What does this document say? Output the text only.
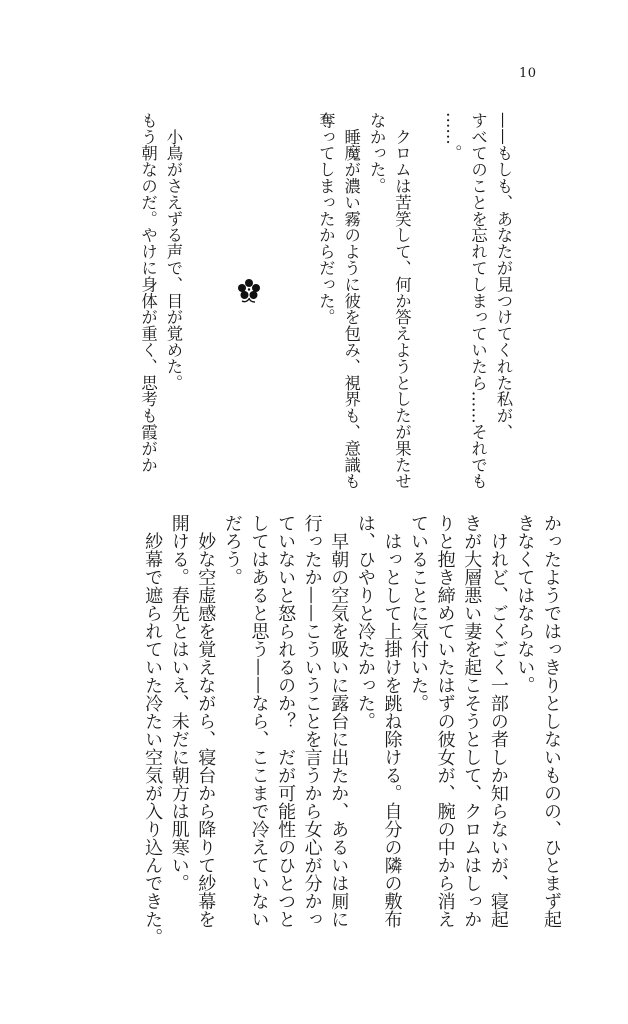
10
——もしも、あなたが見つけてくれた私が、
すべてのことを忘れてしまっていたら……それでも
……。
　クロムは苦笑して、何か答えようとしたが果たせ
なかった。
　睡魔が濃い霧のように彼を包み、視界も、意識も
奪ってしまったからだった。
　小鳥がさえずる声で、目が覚めた。
もう朝なのだ。やけに身体が重く、思考も霞がか
かったようではっきりとしないものの、ひとまず起
きなくてはならない。
　けれど、ごくごく一部の者しか知らないが、寝起
きが大層悪い妻を起こそうとして、クロムはしっか
りと抱き締めていたはずの彼女が、腕の中から消え
ていることに気付いた。
　はっとして上掛けを跳ね除ける。自分の隣の敷布
は、ひやりと冷たかった。
　早朝の空気を吸いに露台に出たか、あるいは厠に
行ったか——こういうことを言うから女心が分かっ
ていないと怒られるのか？　だが可能性のひとつと
してはあると思う——なら、ここまで冷えていない
だろう。
　妙な空虚感を覚えながら、寝台から降りて紗幕を
開ける。春先とはいえ、未だに朝方は肌寒い。
　紗幕で遮られていた冷たい空気が入り込んできた。
